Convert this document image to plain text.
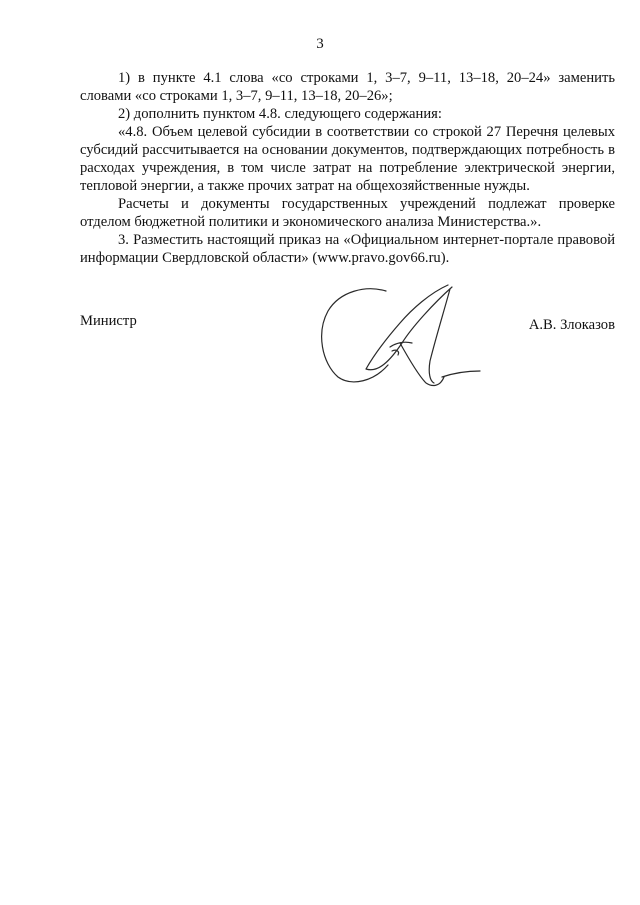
3

1) в пункте 4.1 слова «со строками 1, 3–7, 9–11, 13–18, 20–24» заменить словами «со строками 1, 3–7, 9–11, 13–18, 20–26»;

2) дополнить пунктом 4.8. следующего содержания:

«4.8. Объем целевой субсидии в соответствии со строкой 27 Перечня целевых субсидий рассчитывается на основании документов, подтверждающих потребность в расходах учреждения, в том числе затрат на потребление электрической энергии, тепловой энергии, а также прочих затрат на общехозяйственные нужды.

Расчеты и документы государственных учреждений подлежат проверке отделом бюджетной политики и экономического анализа Министерства.».

3. Разместить настоящий приказ на «Официальном интернет-портале правовой информации Свердловской области» (www.pravo.gov66.ru).

Министр	А.В. Злоказов
